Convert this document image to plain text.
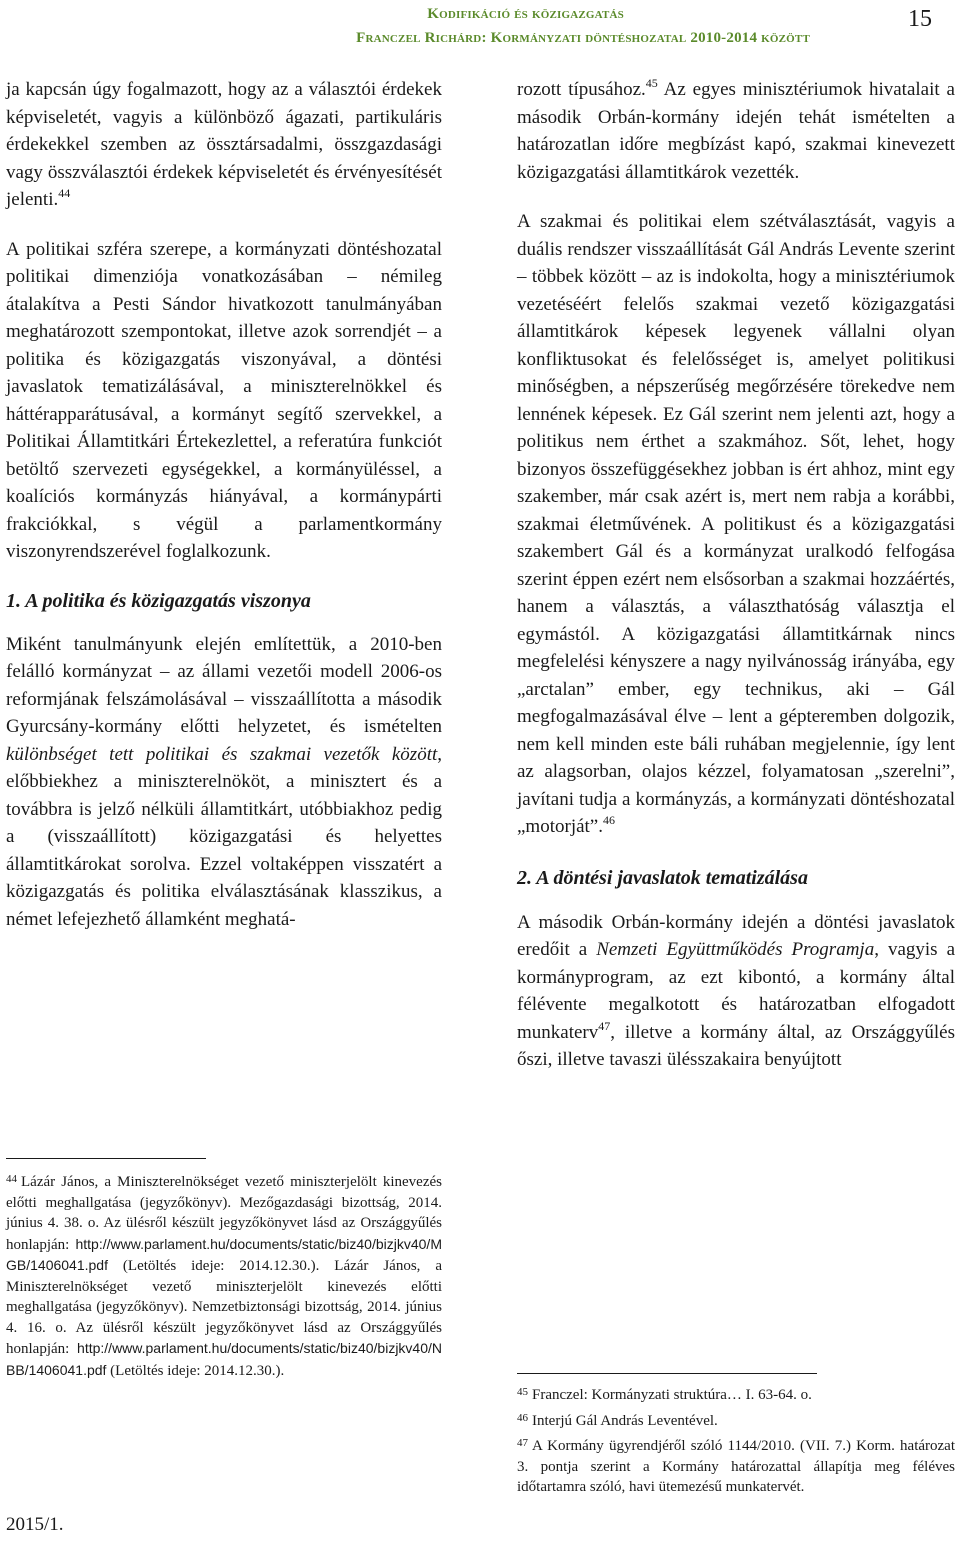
Kodifikáció és közigazgatás
Franczel Richárd: Kormányzati döntéshozatal 2010-2014 között
15

ja kapcsán úgy fogalmazott, hogy az a választói érdekek képviseletét, vagyis a különböző ágazati, partikuláris érdekekkel szemben az össztársadalmi, összgazdasági vagy összválasztói érdekek képviseletét és érvényesítését jelenti.$^{44}$

A politikai szféra szerepe, a kormányzati döntéshozatal politikai dimenziója vonatkozásában – némileg átalakítva a Pesti Sándor hivatkozott tanulmányában meghatározott szempontokat, illetve azok sorrendjét – a politika és közigazgatás viszonyával, a döntési javaslatok tematizálásával, a miniszterelnökkel és háttérapparátusával, a kormányt segítő szervekkel, a Politikai Államtitkári Értekezlettel, a referatúra funkciót betöltő szervezeti egységekkel, a kormányüléssel, a koalíciós kormányzás hiányával, a kormánypárti frakciókkal, s végül a parlamentkormány viszonyrendszerével foglalkozunk.

1. A politika és közigazgatás viszonya

Miként tanulmányunk elején említettük, a 2010-ben felálló kormányzat – az állami vezetői modell 2006-os reformjának felszámolásával – visszaállította a második Gyurcsány-kormány előtti helyzetet, és ismételten különbséget tett politikai és szakmai vezetők között, előbbiekhez a miniszterelnököt, a minisztert és a továbbra is jelző nélküli államtitkárt, utóbbiakhoz pedig a (visszaállított) közigazgatási és helyettes államtitkárokat sorolva. Ezzel voltaképpen visszatért a közigazgatás és politika elválasztásának klasszikus, a német lefejezhető államként meghatá-

$^{44}$ Lázár János, a Miniszterelnökséget vezető miniszterjelölt kinevezés előtti meghallgatása (jegyzőkönyv). Mezőgazdasági bizottság, 2014. június 4. 38. o. Az ülésről készült jegyzőkönyvet lásd az Országgyűlés honlapján: http://www.parlament.hu/documents/static/biz40/bizjkv40/MGB/1406041.pdf (Letöltés ideje: 2014.12.30.). Lázár János, a Miniszterelnökséget vezető miniszterjelölt kinevezés előtti meghallgatása (jegyzőkönyv). Nemzetbiztonsági bizottság, 2014. június 4. 16. o. Az ülésről készült jegyzőkönyvet lásd az Országgyűlés honlapján: http://www.parlament.hu/documents/static/biz40/bizjkv40/NBB/1406041.pdf (Letöltés ideje: 2014.12.30.).

2015/1.

rozott típusához.$^{45}$ Az egyes minisztériumok hivatalait a második Orbán-kormány idején tehát ismételten a határozatlan időre megbízást kapó, szakmai kinevezett közigazgatási államtitkárok vezették.

A szakmai és politikai elem szétválasztását, vagyis a duális rendszer visszaállítását Gál András Levente szerint – többek között – az is indokolta, hogy a minisztériumok vezetéséért felelős szakmai vezető közigazgatási államtitkárok képesek legyenek vállalni olyan konfliktusokat és felelősséget is, amelyet politikusi minőségben, a népszerűség megőrzésére törekedve nem lennének képesek. Ez Gál szerint nem jelenti azt, hogy a politikus nem érthet a szakmához. Sőt, lehet, hogy bizonyos összefüggésekhez jobban is ért ahhoz, mint egy szakember, már csak azért is, mert nem rabja a korábbi, szakmai életművének. A politikust és a közigazgatási szakembert Gál és a kormányzat uralkodó felfogása szerint éppen ezért nem elsősorban a szakmai hozzáértés, hanem a választás, a választhatóság választja el egymástól. A közigazgatási államtitkárnak nincs megfelelési kényszere a nagy nyilvánosság irányába, egy „arctalan” ember, egy technikus, aki – Gál megfogalmazásával élve – lent a gépteremben dolgozik, nem kell minden este báli ruhában megjelennie, így lent az alagsorban, olajos kézzel, folyamatosan „szerelni”, javítani tudja a kormányzás, a kormányzati döntéshozatal „motorját”.$^{46}$

2. A döntési javaslatok tematizálása

A második Orbán-kormány idején a döntési javaslatok eredőit a Nemzeti Együttműködés Programja, vagyis a kormányprogram, az ezt kibontó, a kormány által félévente megalkotott és határozatban elfogadott munkaterv$^{47}$, illetve a kormány által, az Országgyűlés őszi, illetve tavaszi ülésszakaira benyújtott

$^{45}$ Franczel: Kormányzati struktúra… I. 63-64. o.

$^{46}$ Interjú Gál András Leventével.

$^{47}$ A Kormány ügyrendjéről szóló 1144/2010. (VII. 7.) Korm. határozat 3. pontja szerint a Kormány határozattal állapítja meg féléves időtartamra szóló, havi ütemezésű munkatervét.
